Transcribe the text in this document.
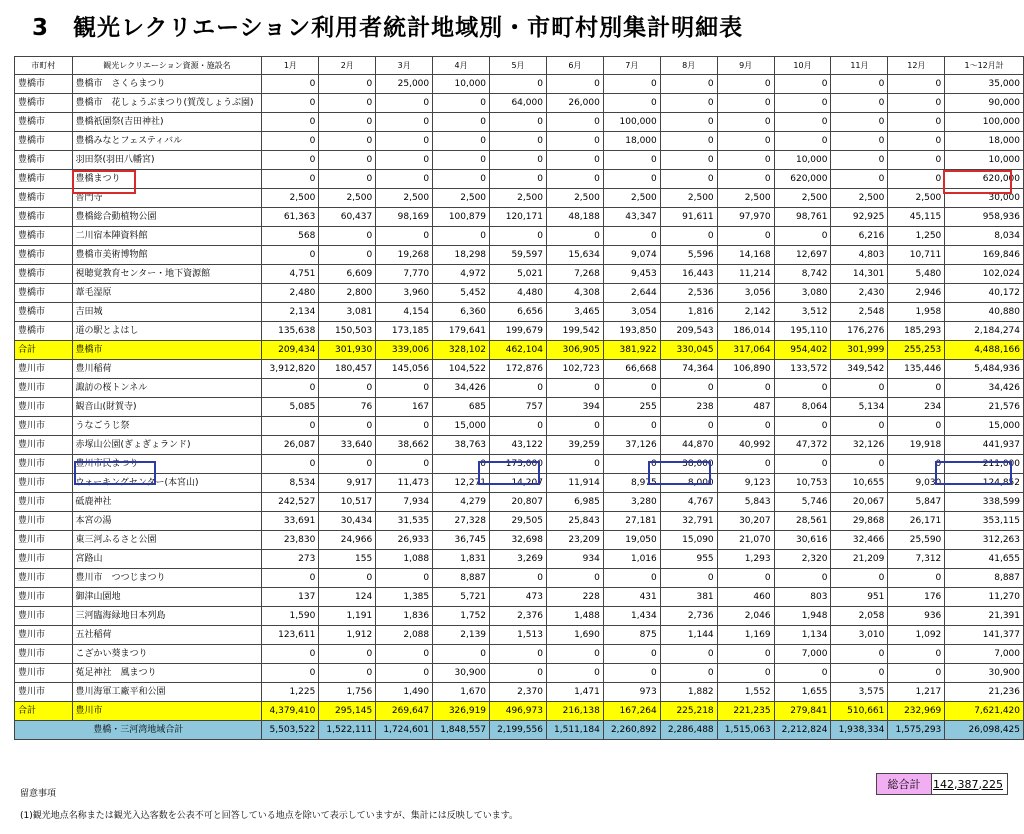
3　観光レクリエーション利用者統計地域別・市町村別集計明細表
市町村	観光レクリエーション資源・施設名	1月	2月	3月	4月	5月	6月	7月	8月	9月	10月	11月	12月	1～12月計
豊橋市	豊橋市　さくらまつり	0	0	25,000	10,000	0	0	0	0	0	0	0	0	35,000
豊橋市	豊橋市　花しょうぶまつり(賀茂しょうぶ園)	0	0	0	0	64,000	26,000	0	0	0	0	0	0	90,000
豊橋市	豊橋祇園祭(吉田神社)	0	0	0	0	0	0	100,000	0	0	0	0	0	100,000
豊橋市	豊橋みなとフェスティバル	0	0	0	0	0	0	18,000	0	0	0	0	0	18,000
豊橋市	羽田祭(羽田八幡宮)	0	0	0	0	0	0	0	0	0	10,000	0	0	10,000
豊橋市	豊橋まつり	0	0	0	0	0	0	0	0	0	620,000	0	0	620,000
豊橋市	普門寺	2,500	2,500	2,500	2,500	2,500	2,500	2,500	2,500	2,500	2,500	2,500	2,500	30,000
豊橋市	豊橋総合動植物公園	61,363	60,437	98,169	100,879	120,171	48,188	43,347	91,611	97,970	98,761	92,925	45,115	958,936
豊橋市	二川宿本陣資料館	568	0	0	0	0	0	0	0	0	0	6,216	1,250	8,034
豊橋市	豊橋市美術博物館	0	0	19,268	18,298	59,597	15,634	9,074	5,596	14,168	12,697	4,803	10,711	169,846
豊橋市	視聴覚教育センター・地下資源館	4,751	6,609	7,770	4,972	5,021	7,268	9,453	16,443	11,214	8,742	14,301	5,480	102,024
豊橋市	葦毛湿原	2,480	2,800	3,960	5,452	4,480	4,308	2,644	2,536	3,056	3,080	2,430	2,946	40,172
豊橋市	吉田城	2,134	3,081	4,154	6,360	6,656	3,465	3,054	1,816	2,142	3,512	2,548	1,958	40,880
豊橋市	道の駅とよはし	135,638	150,503	173,185	179,641	199,679	199,542	193,850	209,543	186,014	195,110	176,276	185,293	2,184,274
合計	豊橋市	209,434	301,930	339,006	328,102	462,104	306,905	381,922	330,045	317,064	954,402	301,999	255,253	4,488,166
豊川市	豊川稲荷	3,912,820	180,457	145,056	104,522	172,876	102,723	66,668	74,364	106,890	133,572	349,542	135,446	5,484,936
豊川市	諏訪の桜トンネル	0	0	0	34,426	0	0	0	0	0	0	0	0	34,426
豊川市	観音山(財賀寺)	5,085	76	167	685	757	394	255	238	487	8,064	5,134	234	21,576
豊川市	うなごうじ祭	0	0	0	15,000	0	0	0	0	0	0	0	0	15,000
豊川市	赤塚山公園(ぎょぎょランド)	26,087	33,640	38,662	38,763	43,122	39,259	37,126	44,870	40,992	47,372	32,126	19,918	441,937
豊川市	豊川市民まつり	0	0	0	0	173,000	0	0	38,000	0	0	0	0	211,000
豊川市	ウォーキングセンター(本宮山)	8,534	9,917	11,473	12,271	14,207	11,914	8,975	8,000	9,123	10,753	10,655	9,030	124,852
豊川市	砥鹿神社	242,527	10,517	7,934	4,279	20,807	6,985	3,280	4,767	5,843	5,746	20,067	5,847	338,599
豊川市	本宮の湯	33,691	30,434	31,535	27,328	29,505	25,843	27,181	32,791	30,207	28,561	29,868	26,171	353,115
豊川市	東三河ふるさと公園	23,830	24,966	26,933	36,745	32,698	23,209	19,050	15,090	21,070	30,616	32,466	25,590	312,263
豊川市	宮路山	273	155	1,088	1,831	3,269	934	1,016	955	1,293	2,320	21,209	7,312	41,655
豊川市	豊川市　つつじまつり	0	0	0	8,887	0	0	0	0	0	0	0	0	8,887
豊川市	御津山園地	137	124	1,385	5,721	473	228	431	381	460	803	951	176	11,270
豊川市	三河臨海緑地日本列島	1,590	1,191	1,836	1,752	2,376	1,488	1,434	2,736	2,046	1,948	2,058	936	21,391
豊川市	五社稲荷	123,611	1,912	2,088	2,139	1,513	1,690	875	1,144	1,169	1,134	3,010	1,092	141,377
豊川市	こざかい葵まつり	0	0	0	0	0	0	0	0	0	7,000	0	0	7,000
豊川市	菟足神社　風まつり	0	0	0	30,900	0	0	0	0	0	0	0	0	30,900
豊川市	豊川海軍工廠平和公園	1,225	1,756	1,490	1,670	2,370	1,471	973	1,882	1,552	1,655	3,575	1,217	21,236
合計	豊川市	4,379,410	295,145	269,647	326,919	496,973	216,138	167,264	225,218	221,235	279,841	510,661	232,969	7,621,420
豊橋・三河湾地域合計		5,503,522	1,522,111	1,724,601	1,848,557	2,199,556	1,511,184	2,260,892	2,286,488	1,515,063	2,212,824	1,938,334	1,575,293	26,098,425
留意事項
(1)観光地点名称または観光入込客数を公表不可と回答している地点を除いて表示していますが、集計には反映しています。
総合計	142,387,225
